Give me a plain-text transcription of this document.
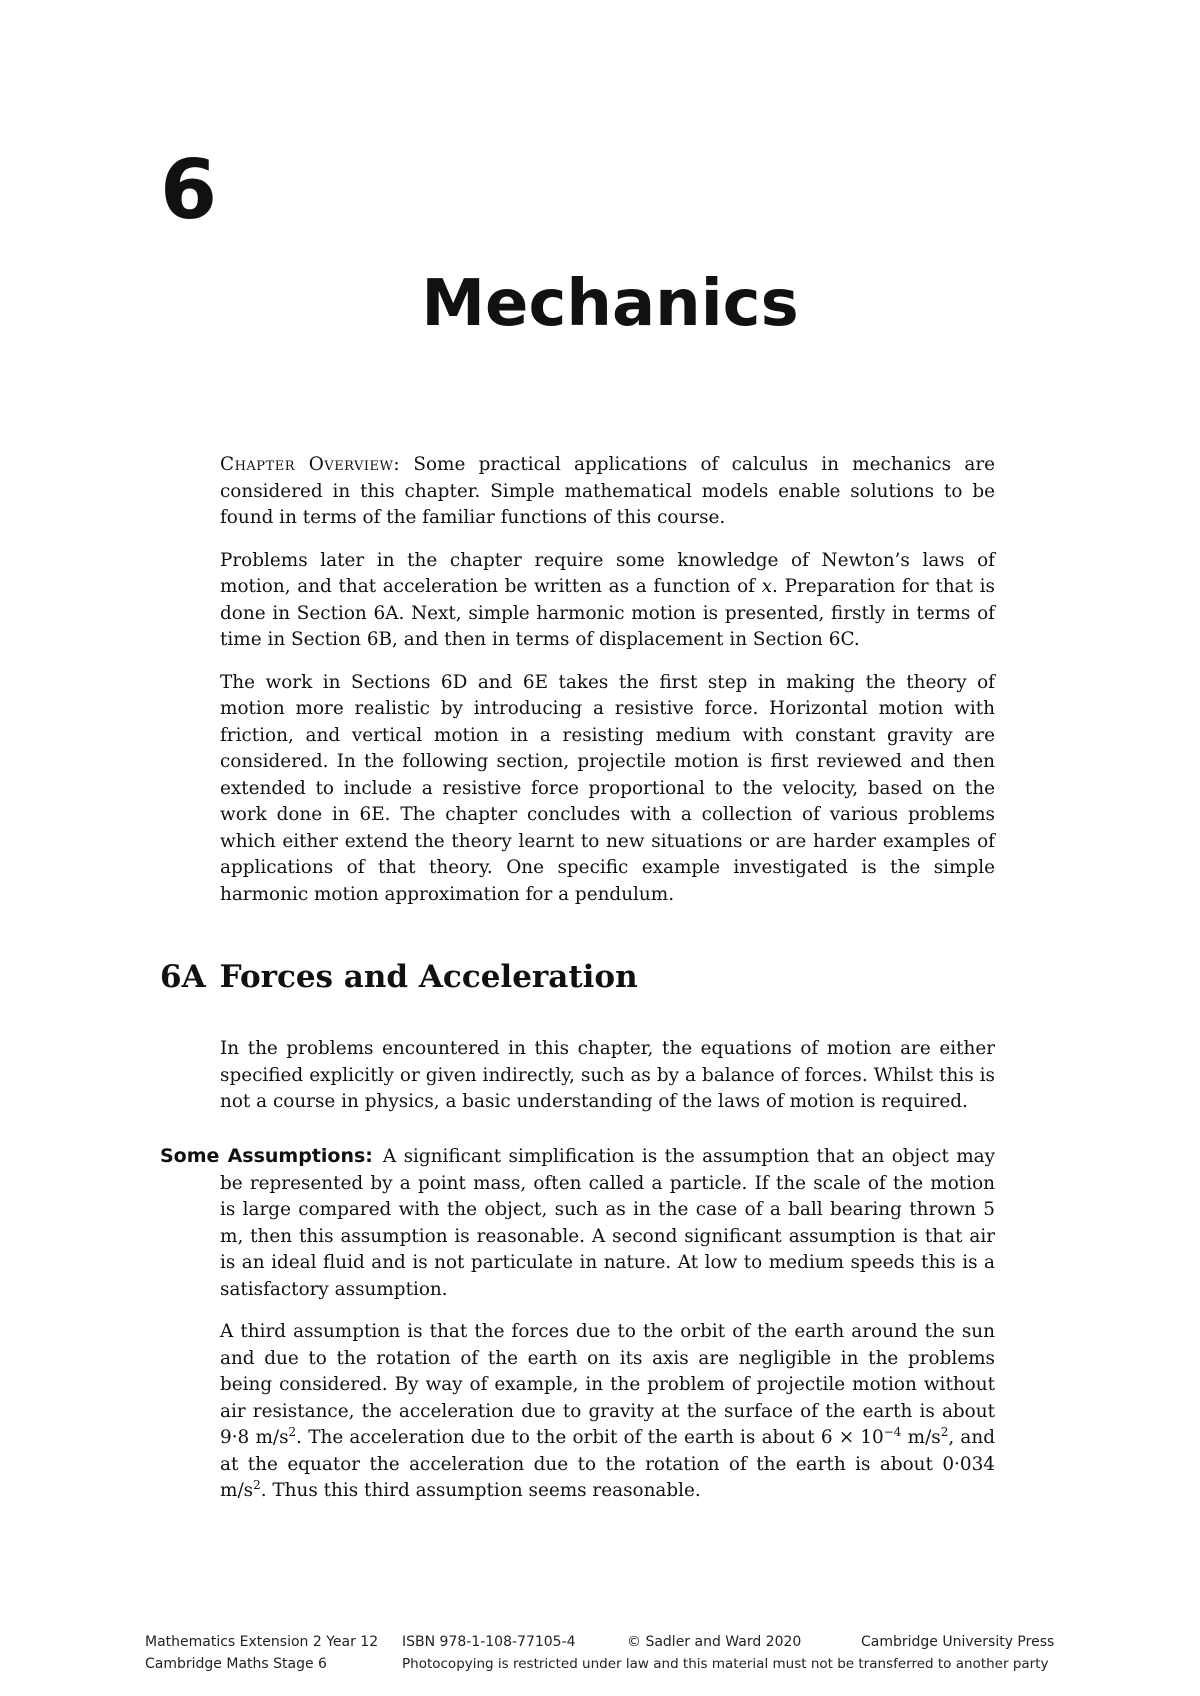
6
Mechanics

Chapter Overview: Some practical applications of calculus in mechanics are considered in this chapter. Simple mathematical models enable solutions to be found in terms of the familiar functions of this course.

Problems later in the chapter require some knowledge of Newton’s laws of motion, and that acceleration be written as a function of x. Preparation for that is done in Section 6A. Next, simple harmonic motion is presented, firstly in terms of time in Section 6B, and then in terms of displacement in Section 6C.

The work in Sections 6D and 6E takes the first step in making the theory of motion more realistic by introducing a resistive force. Horizontal motion with friction, and vertical motion in a resisting medium with constant gravity are considered. In the following section, projectile motion is first reviewed and then extended to include a resistive force proportional to the velocity, based on the work done in 6E. The chapter concludes with a collection of various problems which either extend the theory learnt to new situations or are harder examples of applications of that theory. One specific example investigated is the simple harmonic motion approximation for a pendulum.

6A Forces and Acceleration

In the problems encountered in this chapter, the equations of motion are either specified explicitly or given indirectly, such as by a balance of forces. Whilst this is not a course in physics, a basic understanding of the laws of motion is required.

Some Assumptions: A significant simplification is the assumption that an object may be represented by a point mass, often called a particle. If the scale of the motion is large compared with the object, such as in the case of a ball bearing thrown 5 m, then this assumption is reasonable. A second significant assumption is that air is an ideal fluid and is not particulate in nature. At low to medium speeds this is a satisfactory assumption.

A third assumption is that the forces due to the orbit of the earth around the sun and due to the rotation of the earth on its axis are negligible in the problems being considered. By way of example, in the problem of projectile motion without air resistance, the acceleration due to gravity at the surface of the earth is about 9·8 $m/s^2$. The acceleration due to the orbit of the earth is about $6 \times 10^{-4}$ $m/s^2$, and at the equator the acceleration due to the rotation of the earth is about 0·034 $m/s^2$. Thus this third assumption seems reasonable.

Mathematics Extension 2 Year 12 ISBN 978-1-108-77105-4	© Sadler and Ward 2020	Cambridge University Press
Cambridge Maths Stage 6	Photocopying is restricted under law and this material must not be transferred to another party
